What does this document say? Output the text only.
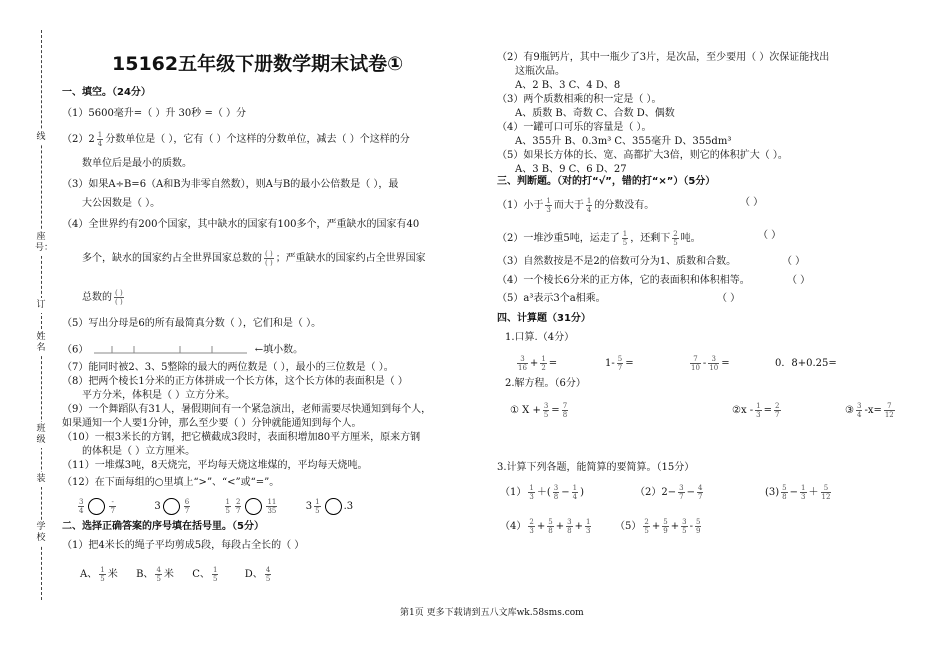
线
座号：
订
姓名
班级
装
学校
15162五年级下册数学期末试卷①
一、填空。（24分）
（1）5600毫升=（ ）升 30秒 =（ ）分
$(2)2 \frac{1}{4}$ 分数单位是（ ），它有（ ）个这样的分数单位，减去（ ）个这样的分
数单位后是最小的质数。
（3）如果A÷B=6（A和B为非零自然数），则A与B的最小公倍数是（ ），最
大公因数是（ ）。
（4）全世界约有200个国家，其中缺水的国家有100多个，严重缺水的国家有40
多个，缺水的国家约占全世界国家总数的 $\frac{( )}{( )}$ ；严重缺水的国家约占全世界国家
总数的 $\frac{( )}{( )}$
（5）写出分母是6的所有最简真分数（ ），它们和是（ ）。
（6）	←填小数。
（7）能同时被2、3、5整除的最大的两位数是（ ），最小的三位数是（ ）。
（8）把两个棱长1分米的正方体拼成一个长方体，这个长方体的表面积是（ ）
平方分米，体积是（ ）立方分米。
（9）一个舞蹈队有31人，暑假期间有一个紧急演出，老师需要尽快通知到每个人，
如果通知一个人要1分钟，那么至少要（ ）分钟就能通知到每个人。
（10）一根3米长的方钢，把它横截成3段时，表面积增加80平方厘米，原来方钢
的体积是（ ）立方厘米。
（11）一堆煤3吨，8天烧完，平均每天烧这堆煤的，平均每天烧吨。
（12）在下面每组的○里填上“>”、“<”或“=”。
$\frac{3}{4}$	$\frac{-}{7}$	3	$\frac{6}{7}$
	$\frac{1}{5} \frac{2}{7}$	$\frac{11}{35}$	$3 \frac{1}{5} .3$
二、选择正确答案的序号填在括号里。（5分）
（1）把4米长的绳子平均剪成5段，每段占全长的（ ）
A、 $\frac{1}{5}$ 米 B、 $\frac{4}{5}$ 米 C、 $\frac{1}{5}$	D、 $\frac{4}{5}$
（2）有9瓶钙片，其中一瓶少了3片，是次品，至少要用（ ）次保证能找出
这瓶次品。
A、2 B、3 C、4 D、8
（3）两个质数相乘的积一定是（ ）。
A、质数 B、奇数 C、合数 D、偶数
（4）一罐可口可乐的容量是（ ）。
A、355升 B、0.3m³ C、355毫升 D、355dm³
（5）如果长方体的长、宽、高都扩大3倍，则它的体积扩大（ ）。
A、3 B、9 C、6 D、27
三、判断题。（对的打“√”，错的打“×”）（5分）
（1）小于 $\frac{1}{3}$ 而大于 $\frac{1}{4}$ 的分数没有。	（ ）
（2）一堆沙重5吨，运走了 $\frac{1}{5}$ ，还剩下 $\frac{2}{5}$ 吨。	（ ）
（3）自然数按是不是2的倍数可分为1、质数和合数。	（ ）
（4）一个棱长6分米的正方体，它的表面积和体积相等。	（ ）
（5）a³表示3个a相乘。	（ ）
四、计算题（31分）
1.口算.（4分）
$\frac{3}{16} + \frac{1}{2}$ =	$1- \frac{5}{7}$ =	$\frac{7}{10} - \frac{3}{10}$ =	0．8+0.25=
2.解方程。（6分）
① $X + \frac{3}{5} = \frac{7}{8}$	②x - $\frac{1}{3} = \frac{2}{7}$	③ $\frac{3}{4} -x= \frac{7}{12}$
3.计算下列各题，能简算的要简算。（15分）
$(1) \frac{1}{3}$ ＋( $\frac{3}{8} - \frac{1}{4}$ )	$(2)2- \frac{3}{7} - \frac{4}{7}$	$(3) \frac{5}{8} - \frac{1}{3} + \frac{5}{12}$
$(4) \frac{2}{3} + \frac{5}{8} + \frac{3}{8} + \frac{1}{3} (5) \frac{2}{5} + \frac{5}{9} + \frac{3}{5} - \frac{5}{9}$
第1页 更多下载请到五八文库wk.58sms.com
